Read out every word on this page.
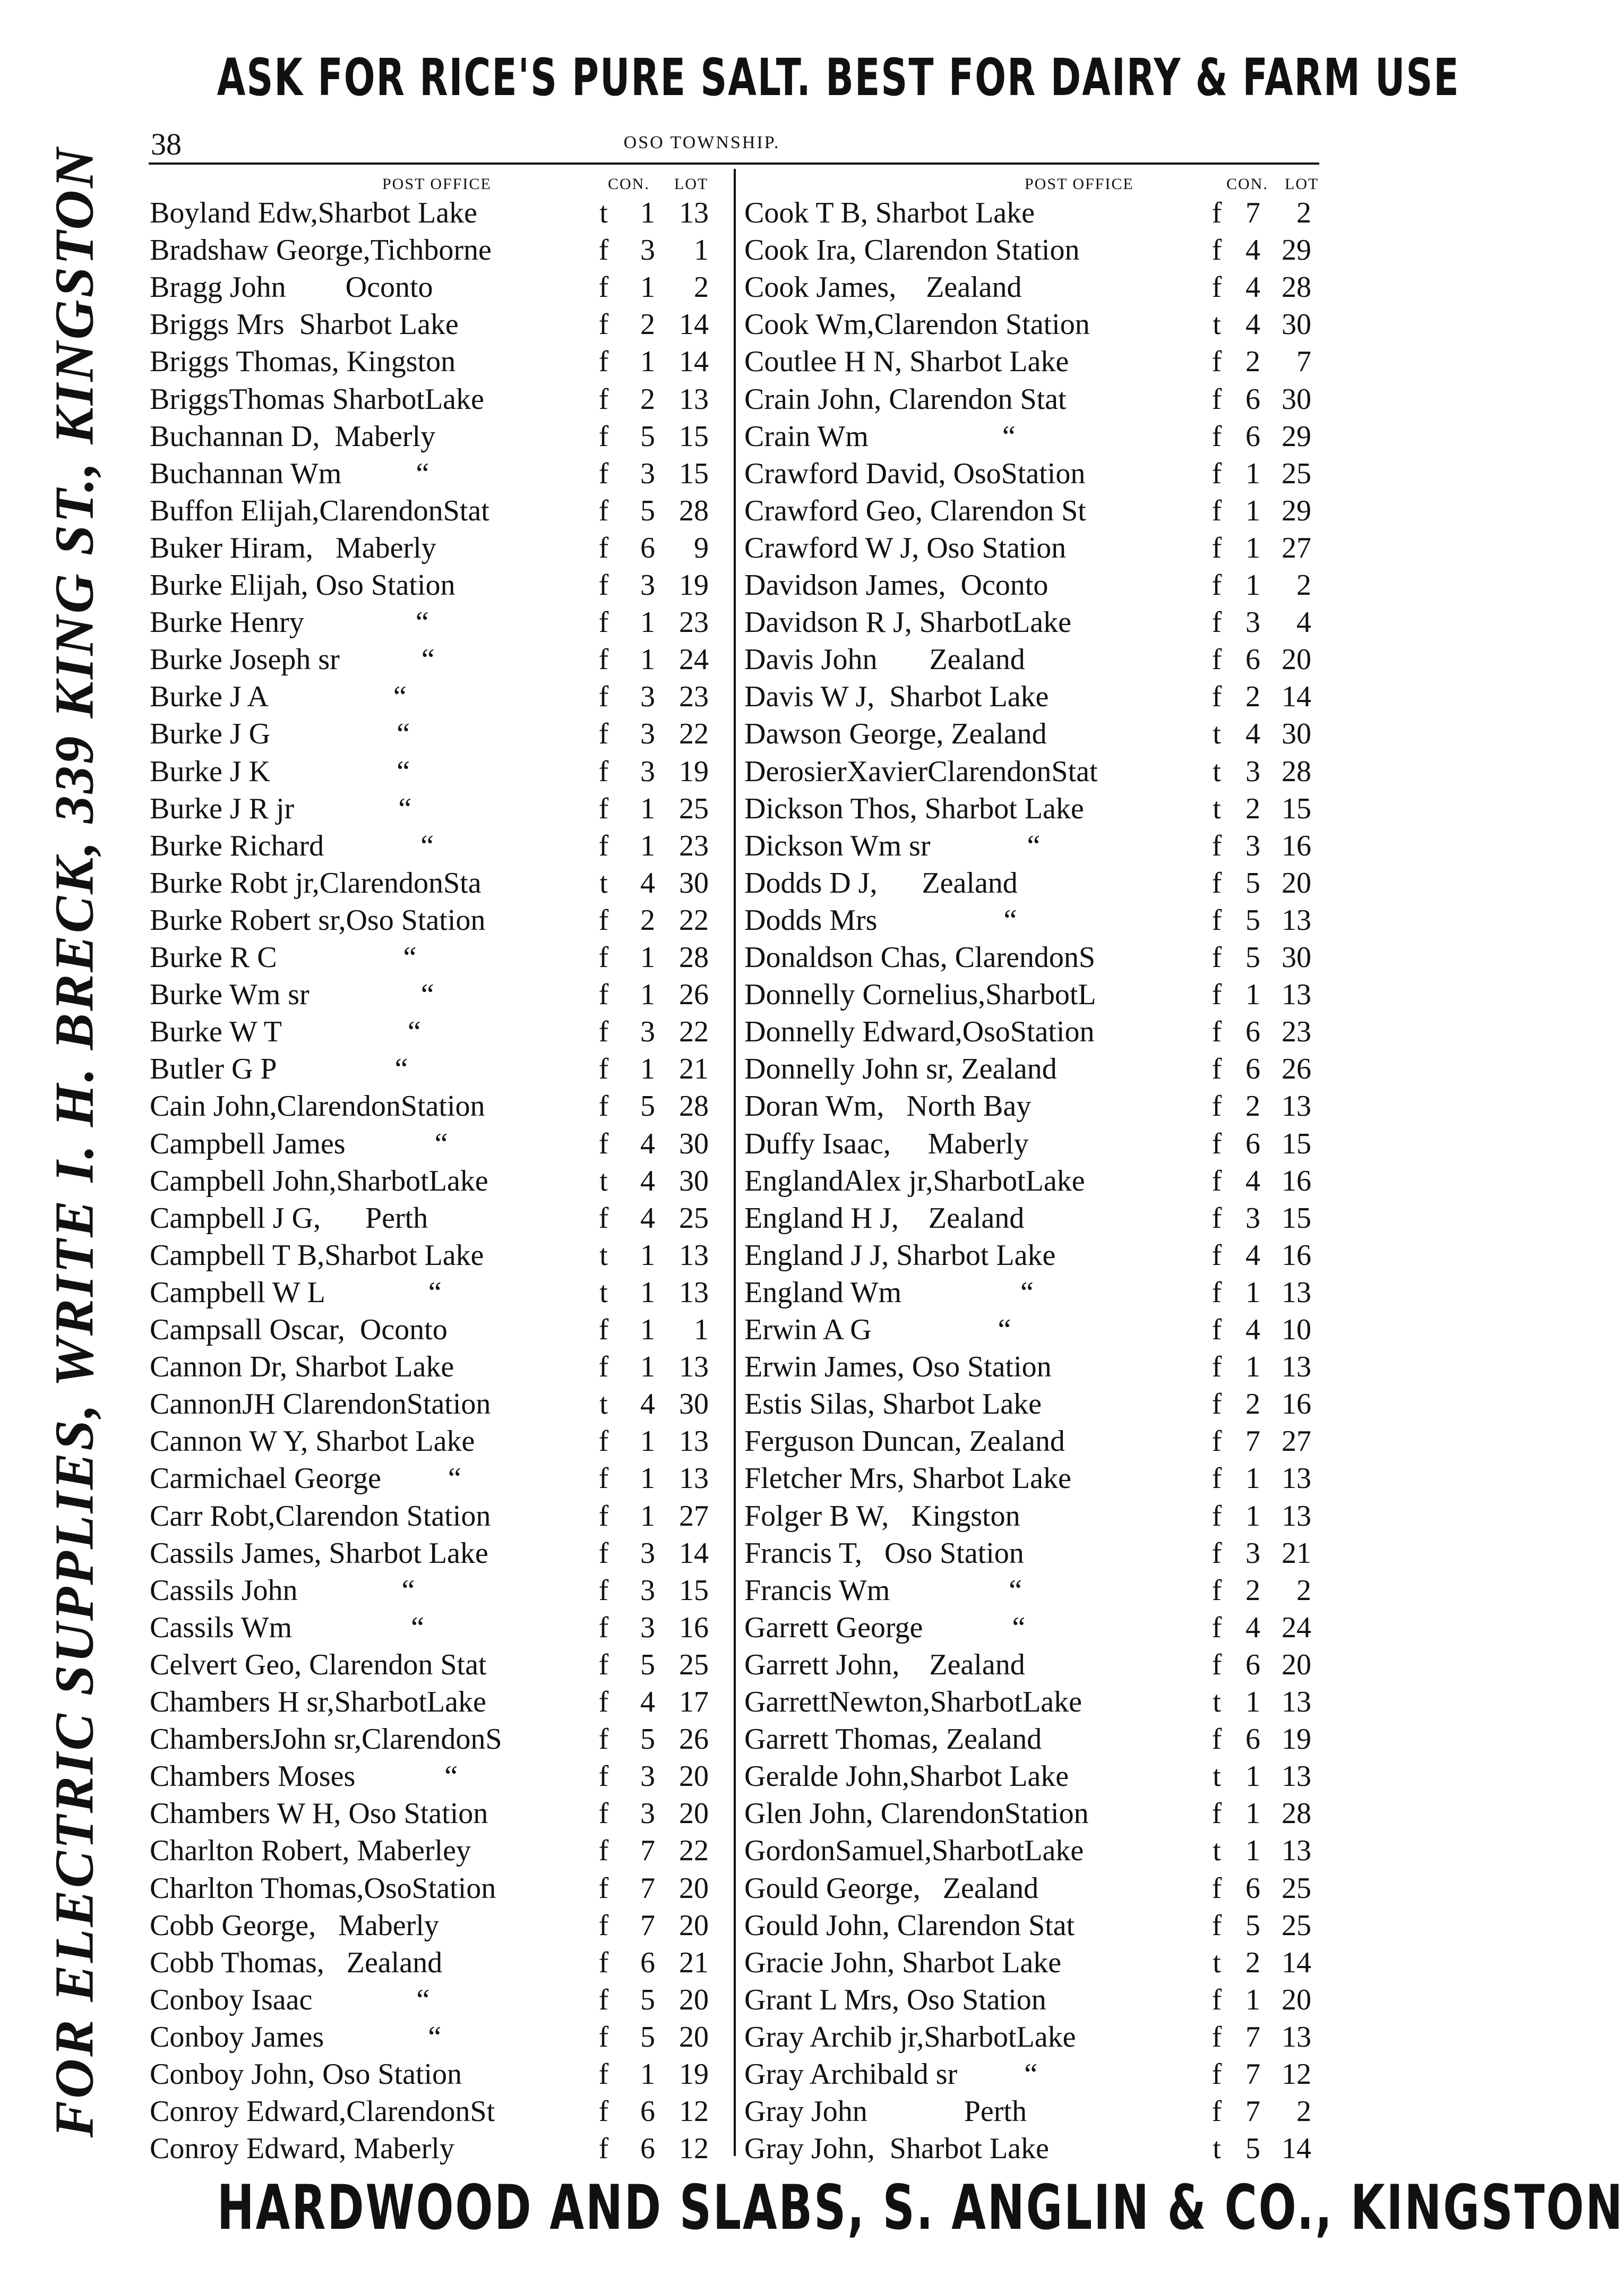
ASK FOR RICE'S PURE SALT. BEST FOR DAIRY & FARM USE
FOR ELECTRIC SUPPLIES, WRITE I. H. BRECK, 339 KING ST., KINGSTON
38	OSO TOWNSHIP.
POST OFFICE	CON. LOT	POST OFFICE	CON. LOT
Boyland Edw,Sharbot Lake	t	1 13
Bradshaw George,Tichborne	f	3	1
Bragg John        Oconto	f	1	2
Briggs Mrs  Sharbot Lake	f	2 14
Briggs Thomas, Kingston	f	1 14
BriggsThomas SharbotLake	f	2 13
Buchannan D,  Maberly	f	5 15
Buchannan Wm          “	f	3 15
Buffon Elijah,ClarendonStat	f	5 28
Buker Hiram,   Maberly	f	6	9
Burke Elijah, Oso Station	f	3 19
Burke Henry               “	f	1 23
Burke Joseph sr           “	f	1 24
Burke J A                 “	f	3 23
Burke J G                 “	f	3 22
Burke J K                 “	f	3 19
Burke J R jr              “	f	1 25
Burke Richard             “	f	1 23
Burke Robt jr,ClarendonSta	t	4 30
Burke Robert sr,Oso Station	f	2 22
Burke R C                 “	f	1 28
Burke Wm sr               “	f	1 26
Burke W T                 “	f	3 22
Butler G P                “	f	1 21
Cain John,ClarendonStation	f	5 28
Campbell James            “	f	4 30
Campbell John,SharbotLake	t	4 30
Campbell J G,      Perth	f	4 25
Campbell T B,Sharbot Lake	t	1 13
Campbell W L              “	t	1 13
Campsall Oscar,  Oconto	f	1	1
Cannon Dr, Sharbot Lake	f	1 13
CannonJH ClarendonStation	t	4 30
Cannon W Y, Sharbot Lake	f	1 13
Carmichael George         “	f	1 13
Carr Robt,Clarendon Station	f	1 27
Cassils James, Sharbot Lake	f	3 14
Cassils John              “	f	3 15
Cassils Wm                “	f	3 16
Celvert Geo, Clarendon Stat	f	5 25
Chambers H sr,SharbotLake	f	4 17
ChambersJohn sr,ClarendonS	f	5 26
Chambers Moses            “	f	3 20
Chambers W H, Oso Station	f	3 20
Charlton Robert, Maberley	f	7 22
Charlton Thomas,OsoStation	f	7 20
Cobb George,   Maberly	f	7 20
Cobb Thomas,   Zealand	f	6 21
Conboy Isaac              “	f	5 20
Conboy James              “	f	5 20
Conboy John, Oso Station	f	1 19
Conroy Edward,ClarendonSt	f	6 12
Conroy Edward, Maberly	f	6 12
Cook T B, Sharbot Lake	f 7	2
Cook Ira, Clarendon Station	f 4 29
Cook James,    Zealand	f 4 28
Cook Wm,Clarendon Station	t 4 30
Coutlee H N, Sharbot Lake	f 2	7
Crain John, Clarendon Stat	f 6 30
Crain Wm                  “	f 6 29
Crawford David, OsoStation	f 1 25
Crawford Geo, Clarendon St	f 1 29
Crawford W J, Oso Station	f 1 27
Davidson James,  Oconto	f 1	2
Davidson R J, SharbotLake	f 3	4
Davis John       Zealand	f 6 20
Davis W J,  Sharbot Lake	f 2 14
Dawson George, Zealand	t 4 30
DerosierXavierClarendonStat	t 3 28
Dickson Thos, Sharbot Lake	t 2 15
Dickson Wm sr             “	f 3 16
Dodds D J,      Zealand	f 5 20
Dodds Mrs                 “	f 5 13
Donaldson Chas, ClarendonS	f 5 30
Donnelly Cornelius,SharbotL	f 1 13
Donnelly Edward,OsoStation	f 6 23
Donnelly John sr, Zealand	f 6 26
Doran Wm,   North Bay	f 2 13
Duffy Isaac,     Maberly	f 6 15
EnglandAlex jr,SharbotLake	f 4 16
England H J,    Zealand	f 3 15
England J J, Sharbot Lake	f 4 16
England Wm                “	f 1 13
Erwin A G                 “	f 4 10
Erwin James, Oso Station	f 1 13
Estis Silas, Sharbot Lake	f 2 16
Ferguson Duncan, Zealand	f 7 27
Fletcher Mrs, Sharbot Lake	f 1 13
Folger B W,   Kingston	f 1 13
Francis T,   Oso Station	f 3 21
Francis Wm                “	f 2	2
Garrett George            “	f 4 24
Garrett John,    Zealand	f 6 20
GarrettNewton,SharbotLake	t 1 13
Garrett Thomas, Zealand	f 6 19
Geralde John,Sharbot Lake	t 1 13
Glen John, ClarendonStation	f 1 28
GordonSamuel,SharbotLake	t 1 13
Gould George,   Zealand	f 6 25
Gould John, Clarendon Stat	f 5 25
Gracie John, Sharbot Lake	t 2 14
Grant L Mrs, Oso Station	f 1 20
Gray Archib jr,SharbotLake	f 7 13
Gray Archibald sr         “	f 7 12
Gray John             Perth	f 7	2
Gray John,  Sharbot Lake	t 5 14
HARDWOOD AND SLABS, S. ANGLIN & CO., KINGSTON
